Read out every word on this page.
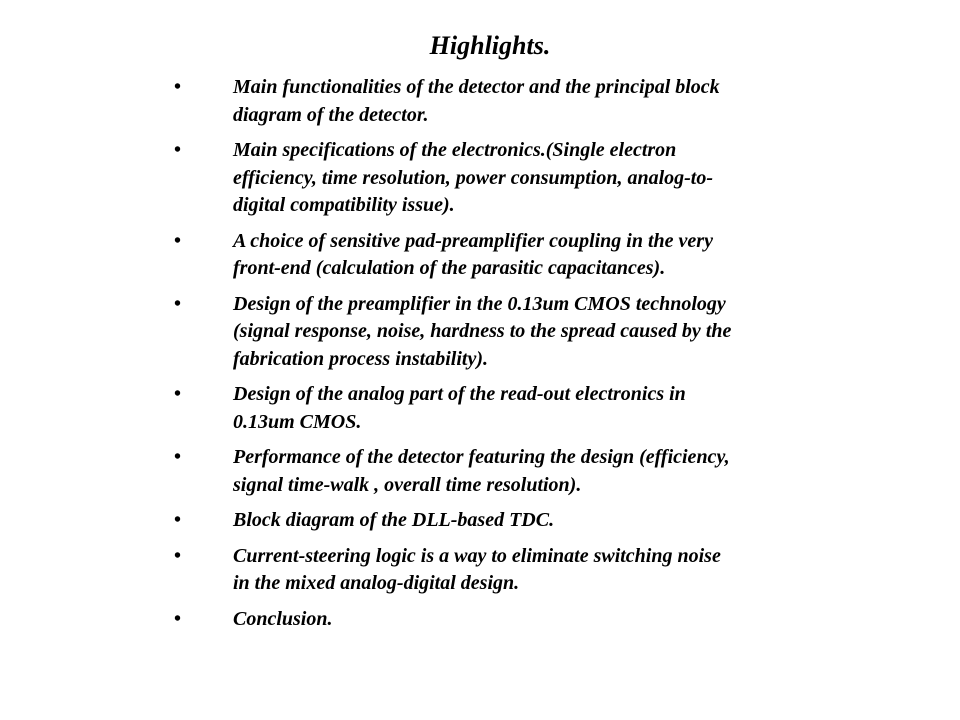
Highlights.
•	Main functionalities of the detector and the principal block
diagram of the detector.
•	Main specifications of the electronics.(Single electron
efficiency, time resolution, power consumption, analog-to-
digital compatibility issue).
•	A choice of sensitive pad-preamplifier coupling in the very
front-end (calculation of the parasitic capacitances).
•	Design of the preamplifier in the 0.13um CMOS technology
(signal response, noise, hardness to the spread caused by the
fabrication process instability).
•	Design of the analog part of the read-out electronics in
0.13um CMOS.
•	Performance of the detector featuring the design (efficiency,
signal time-walk , overall time resolution).
•	Block diagram of the DLL-based TDC.
•	Current-steering logic is a way to eliminate switching noise
in the mixed analog-digital design.
•	Conclusion.
